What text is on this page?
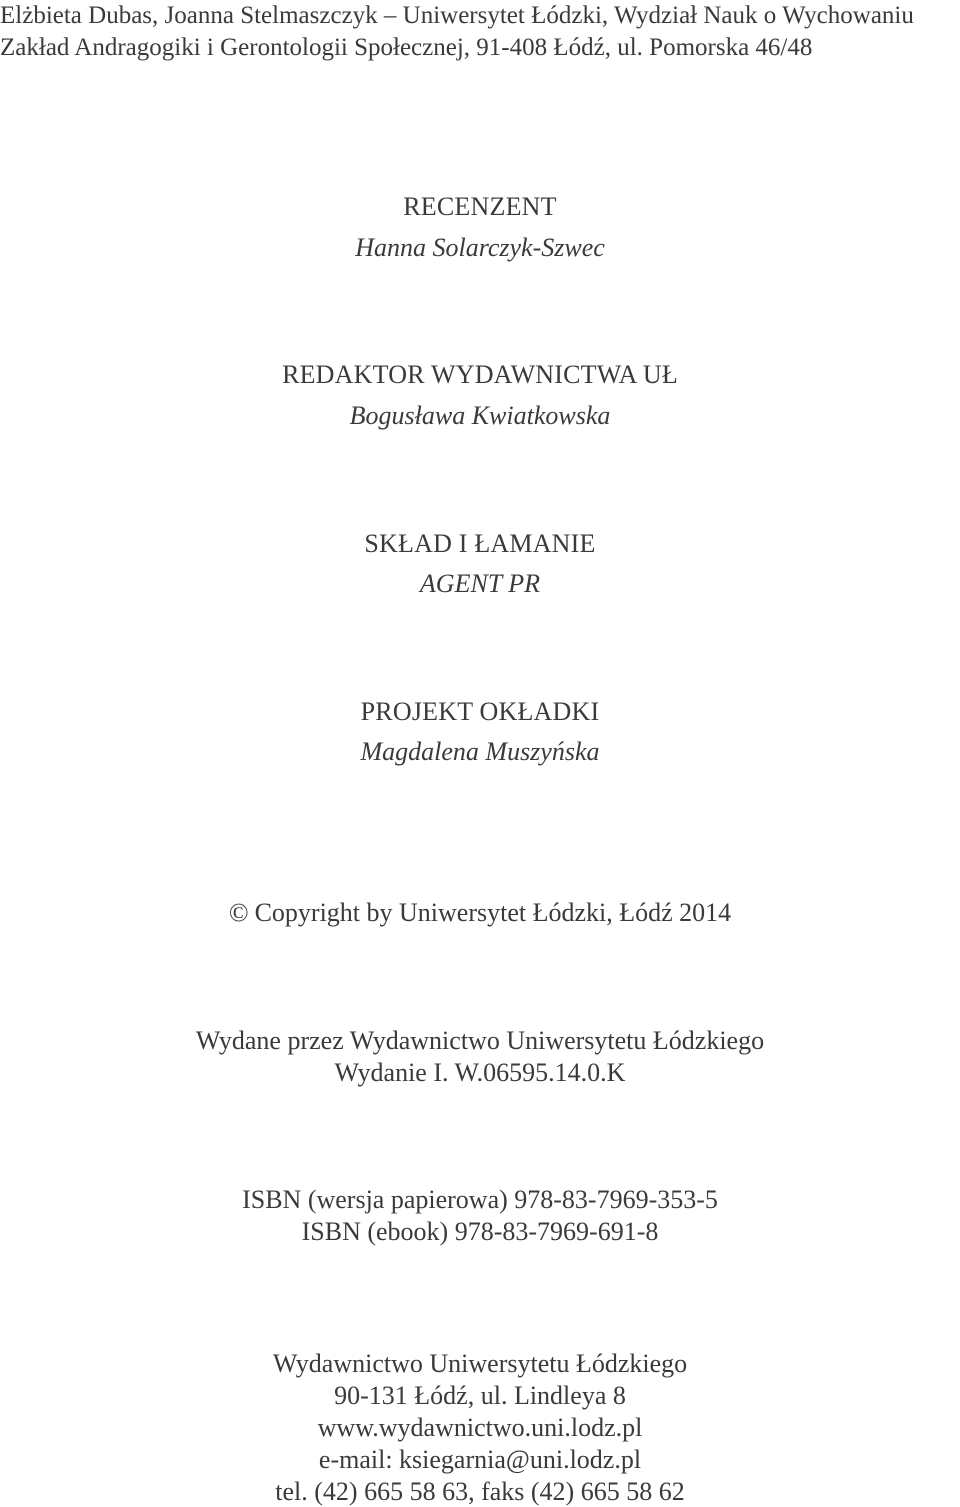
Elżbieta Dubas, Joanna Stelmaszczyk – Uniwersytet Łódzki, Wydział Nauk o Wychowaniu
Zakład Andragogiki i Gerontologii Społecznej, 91-408 Łódź, ul. Pomorska 46/48
RECENZENT
Hanna Solarczyk-Szwec
REDAKTOR WYDAWNICTWA UŁ
Bogusława Kwiatkowska
SKŁAD I ŁAMANIE
AGENT PR
PROJEKT OKŁADKI
Magdalena Muszyńska
© Copyright by Uniwersytet Łódzki, Łódź 2014
Wydane przez Wydawnictwo Uniwersytetu Łódzkiego
Wydanie I. W.06595.14.0.K
ISBN (wersja papierowa) 978-83-7969-353-5
ISBN (ebook) 978-83-7969-691-8
Wydawnictwo Uniwersytetu Łódzkiego
90-131 Łódź, ul. Lindleya 8
www.wydawnictwo.uni.lodz.pl
e-mail: ksiegarnia@uni.lodz.pl
tel. (42) 665 58 63, faks (42) 665 58 62
